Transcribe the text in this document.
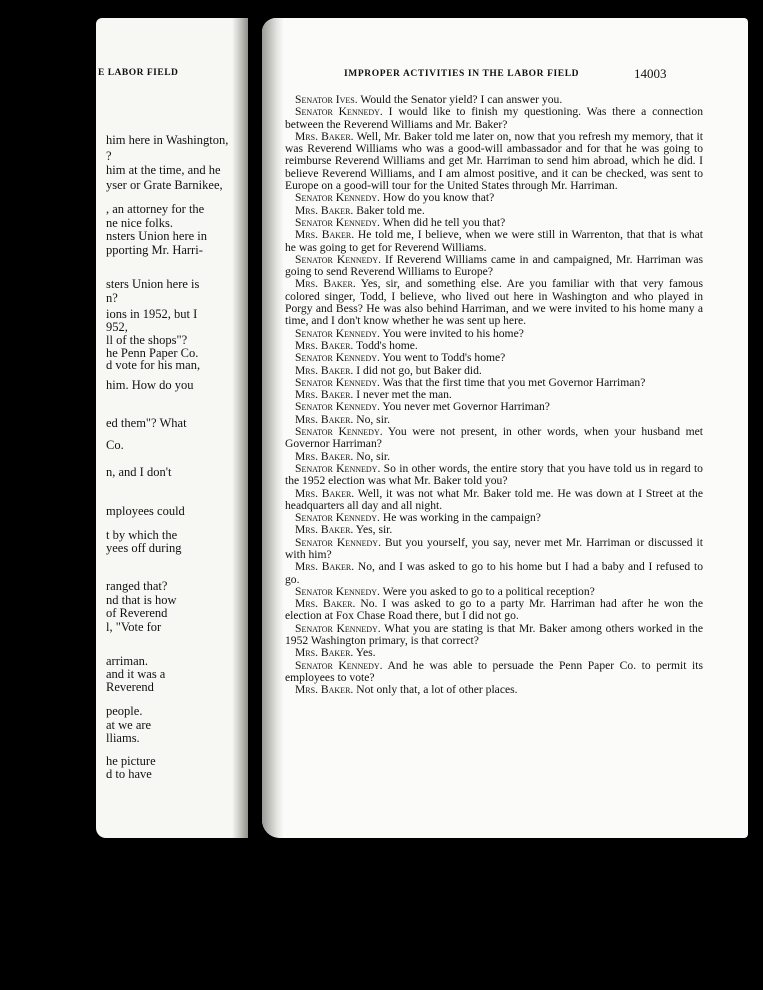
E LABOR FIELD
him here in Washington,
?
him at the time, and he
yser or Grate Barnikee,
, an attorney for the
ne nice folks.
nsters Union here in
pporting Mr. Harri-
sters Union here is
n?
ions in 1952, but I
952,
ll of the shops"?
he Penn Paper Co.
d vote for his man,
him. How do you
ed them"? What
Co.
n, and I don't
mployees could
t by which the
yees off during
ranged that?
nd that is how
of Reverend
l, "Vote for
arriman.
and it was a
Reverend
people.
at we are
lliams.
he picture
d to have
IMPROPER ACTIVITIES IN THE LABOR FIELD	14003

Senator Ives. Would the Senator yield? I can answer you.

Senator Kennedy. I would like to finish my questioning. Was there a connection between the Reverend Williams and Mr. Baker?

Mrs. Baker. Well, Mr. Baker told me later on, now that you refresh my memory, that it was Reverend Williams who was a good-will ambassador and for that he was going to reimburse Reverend Williams and get Mr. Harriman to send him abroad, which he did. I believe Reverend Williams, and I am almost positive, and it can be checked, was sent to Europe on a good-will tour for the United States through Mr. Harriman.

Senator Kennedy. How do you know that?

Mrs. Baker. Baker told me.

Senator Kennedy. When did he tell you that?

Mrs. Baker. He told me, I believe, when we were still in Warrenton, that that is what he was going to get for Reverend Williams.

Senator Kennedy. If Reverend Williams came in and campaigned, Mr. Harriman was going to send Reverend Williams to Europe?

Mrs. Baker. Yes, sir, and something else. Are you familiar with that very famous colored singer, Todd, I believe, who lived out here in Washington and who played in Porgy and Bess? He was also behind Harriman, and we were invited to his home many a time, and I don't know whether he was sent up here.

Senator Kennedy. You were invited to his home?

Mrs. Baker. Todd's home.

Senator Kennedy. You went to Todd's home?

Mrs. Baker. I did not go, but Baker did.

Senator Kennedy. Was that the first time that you met Governor Harriman?

Mrs. Baker. I never met the man.

Senator Kennedy. You never met Governor Harriman?

Mrs. Baker. No, sir.

Senator Kennedy. You were not present, in other words, when your husband met Governor Harriman?

Mrs. Baker. No, sir.

Senator Kennedy. So in other words, the entire story that you have told us in regard to the 1952 election was what Mr. Baker told you?

Mrs. Baker. Well, it was not what Mr. Baker told me. He was down at I Street at the headquarters all day and all night.

Senator Kennedy. He was working in the campaign?

Mrs. Baker. Yes, sir.

Senator Kennedy. But you yourself, you say, never met Mr. Harriman or discussed it with him?

Mrs. Baker. No, and I was asked to go to his home but I had a baby and I refused to go.

Senator Kennedy. Were you asked to go to a political reception?

Mrs. Baker. No. I was asked to go to a party Mr. Harriman had after he won the election at Fox Chase Road there, but I did not go.

Senator Kennedy. What you are stating is that Mr. Baker among others worked in the 1952 Washington primary, is that correct?

Mrs. Baker. Yes.

Senator Kennedy. And he was able to persuade the Penn Paper Co. to permit its employees to vote?

Mrs. Baker. Not only that, a lot of other places.
